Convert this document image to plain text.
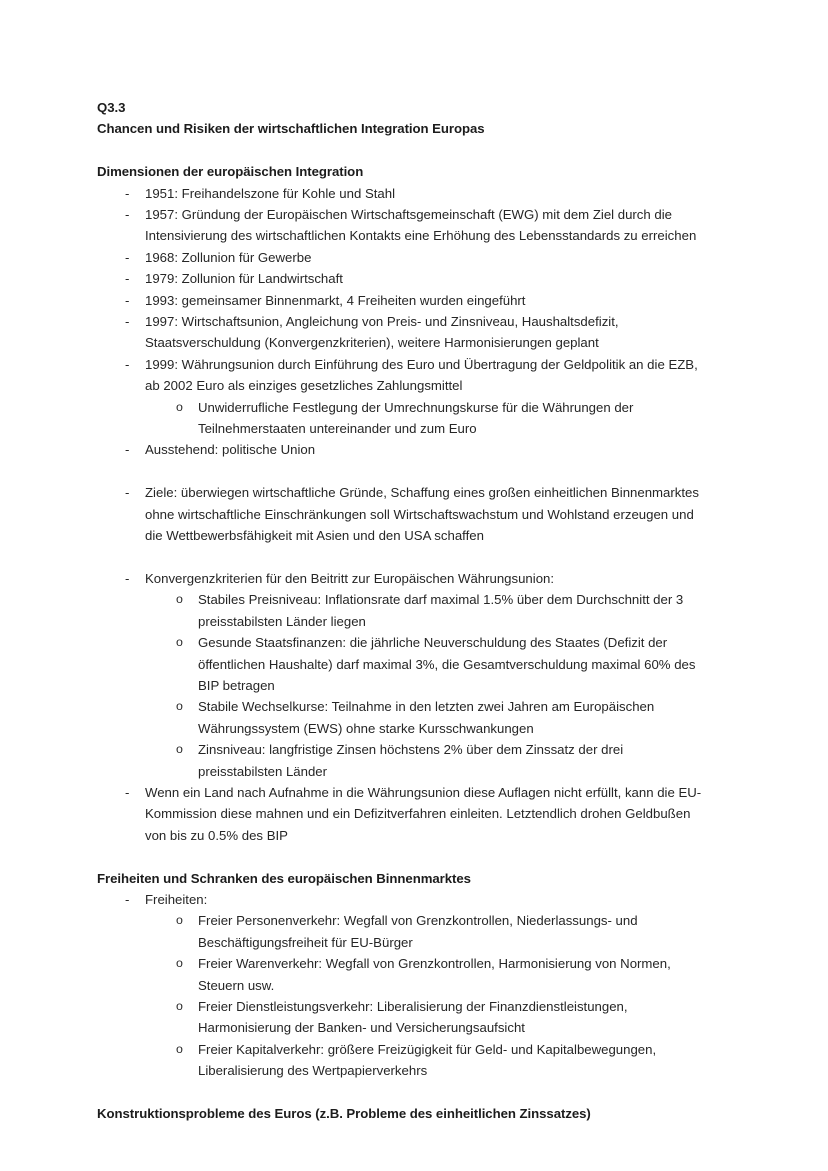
Q3.3
Chancen und Risiken der wirtschaftlichen Integration Europas
Dimensionen der europäischen Integration
-	1951: Freihandelszone für Kohle und Stahl
-	1957: Gründung der Europäischen Wirtschaftsgemeinschaft (EWG) mit dem Ziel durch die Intensivierung des wirtschaftlichen Kontakts eine Erhöhung des Lebensstandards zu erreichen
-	1968: Zollunion für Gewerbe
-	1979: Zollunion für Landwirtschaft
-	1993: gemeinsamer Binnenmarkt, 4 Freiheiten wurden eingeführt
-	1997: Wirtschaftsunion, Angleichung von Preis- und Zinsniveau, Haushaltsdefizit, Staatsverschuldung (Konvergenzkriterien), weitere Harmonisierungen geplant
-	1999: Währungsunion durch Einführung des Euro und Übertragung der Geldpolitik an die EZB, ab 2002 Euro als einziges gesetzliches Zahlungsmittel
o	Unwiderrufliche Festlegung der Umrechnungskurse für die Währungen der Teilnehmerstaaten untereinander und zum Euro
-	Ausstehend: politische Union
-	Ziele: überwiegen wirtschaftliche Gründe, Schaffung eines großen einheitlichen Binnenmarktes ohne wirtschaftliche Einschränkungen soll Wirtschaftswachstum und Wohlstand erzeugen und die Wettbewerbsfähigkeit mit Asien und den USA schaffen
-	Konvergenzkriterien für den Beitritt zur Europäischen Währungsunion:
o	Stabiles Preisniveau: Inflationsrate darf maximal 1.5% über dem Durchschnitt der 3 preisstabilsten Länder liegen
o	Gesunde Staatsfinanzen: die jährliche Neuverschuldung des Staates (Defizit der öffentlichen Haushalte) darf maximal 3%, die Gesamtverschuldung maximal 60% des BIP betragen
o	Stabile Wechselkurse: Teilnahme in den letzten zwei Jahren am Europäischen Währungssystem (EWS) ohne starke Kursschwankungen
o	Zinsniveau: langfristige Zinsen höchstens 2% über dem Zinssatz der drei preisstabilsten Länder
-	Wenn ein Land nach Aufnahme in die Währungsunion diese Auflagen nicht erfüllt, kann die EU-Kommission diese mahnen und ein Defizitverfahren einleiten. Letztendlich drohen Geldbußen von bis zu 0.5% des BIP
Freiheiten und Schranken des europäischen Binnenmarktes
-	Freiheiten:
o	Freier Personenverkehr: Wegfall von Grenzkontrollen, Niederlassungs- und Beschäftigungsfreiheit für EU-Bürger
o	Freier Warenverkehr: Wegfall von Grenzkontrollen, Harmonisierung von Normen, Steuern usw.
o	Freier Dienstleistungsverkehr: Liberalisierung der Finanzdienstleistungen, Harmonisierung der Banken- und Versicherungsaufsicht
o	Freier Kapitalverkehr: größere Freizügigkeit für Geld- und Kapitalbewegungen, Liberalisierung des Wertpapierverkehrs
Konstruktionsprobleme des Euros (z.B. Probleme des einheitlichen Zinssatzes)
